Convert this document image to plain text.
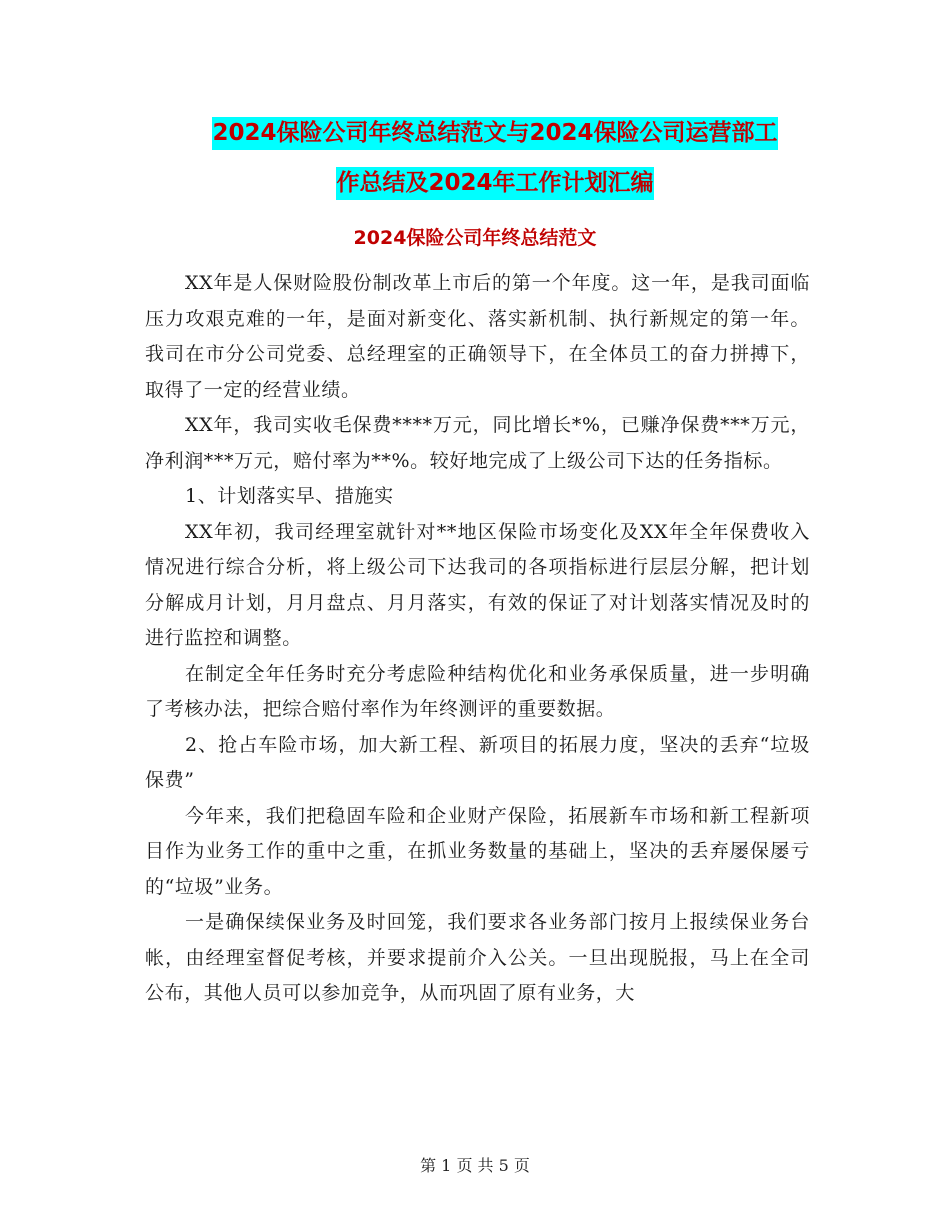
2024保险公司年终总结范文与2024保险公司运营部工
作总结及2024年工作计划汇编
2024保险公司年终总结范文

XX年是人保财险股份制改革上市后的第一个年度。这一年，是我司面临压力攻艰克难的一年，是面对新变化、落实新机制、执行新规定的第一年。我司在市分公司党委、总经理室的正确领导下，在全体员工的奋力拼搏下，取得了一定的经营业绩。

XX年，我司实收毛保费****万元，同比增长*%，已赚净保费***万元，净利润***万元，赔付率为**%。较好地完成了上级公司下达的任务指标。

1、计划落实早、措施实

XX年初，我司经理室就针对**地区保险市场变化及XX年全年保费收入情况进行综合分析，将上级公司下达我司的各项指标进行层层分解，把计划分解成月计划，月月盘点、月月落实，有效的保证了对计划落实情况及时的进行监控和调整。

在制定全年任务时充分考虑险种结构优化和业务承保质量，进一步明确了考核办法，把综合赔付率作为年终测评的重要数据。

2、抢占车险市场，加大新工程、新项目的拓展力度，坚决的丢弃“垃圾保费”

今年来，我们把稳固车险和企业财产保险，拓展新车市场和新工程新项目作为业务工作的重中之重，在抓业务数量的基础上，坚决的丢弃屡保屡亏的“垃圾”业务。

一是确保续保业务及时回笼，我们要求各业务部门按月上报续保业务台帐，由经理室督促考核，并要求提前介入公关。一旦出现脱报，马上在全司公布，其他人员可以参加竞争，从而巩固了原有业务，大

第 1 页 共 5 页
